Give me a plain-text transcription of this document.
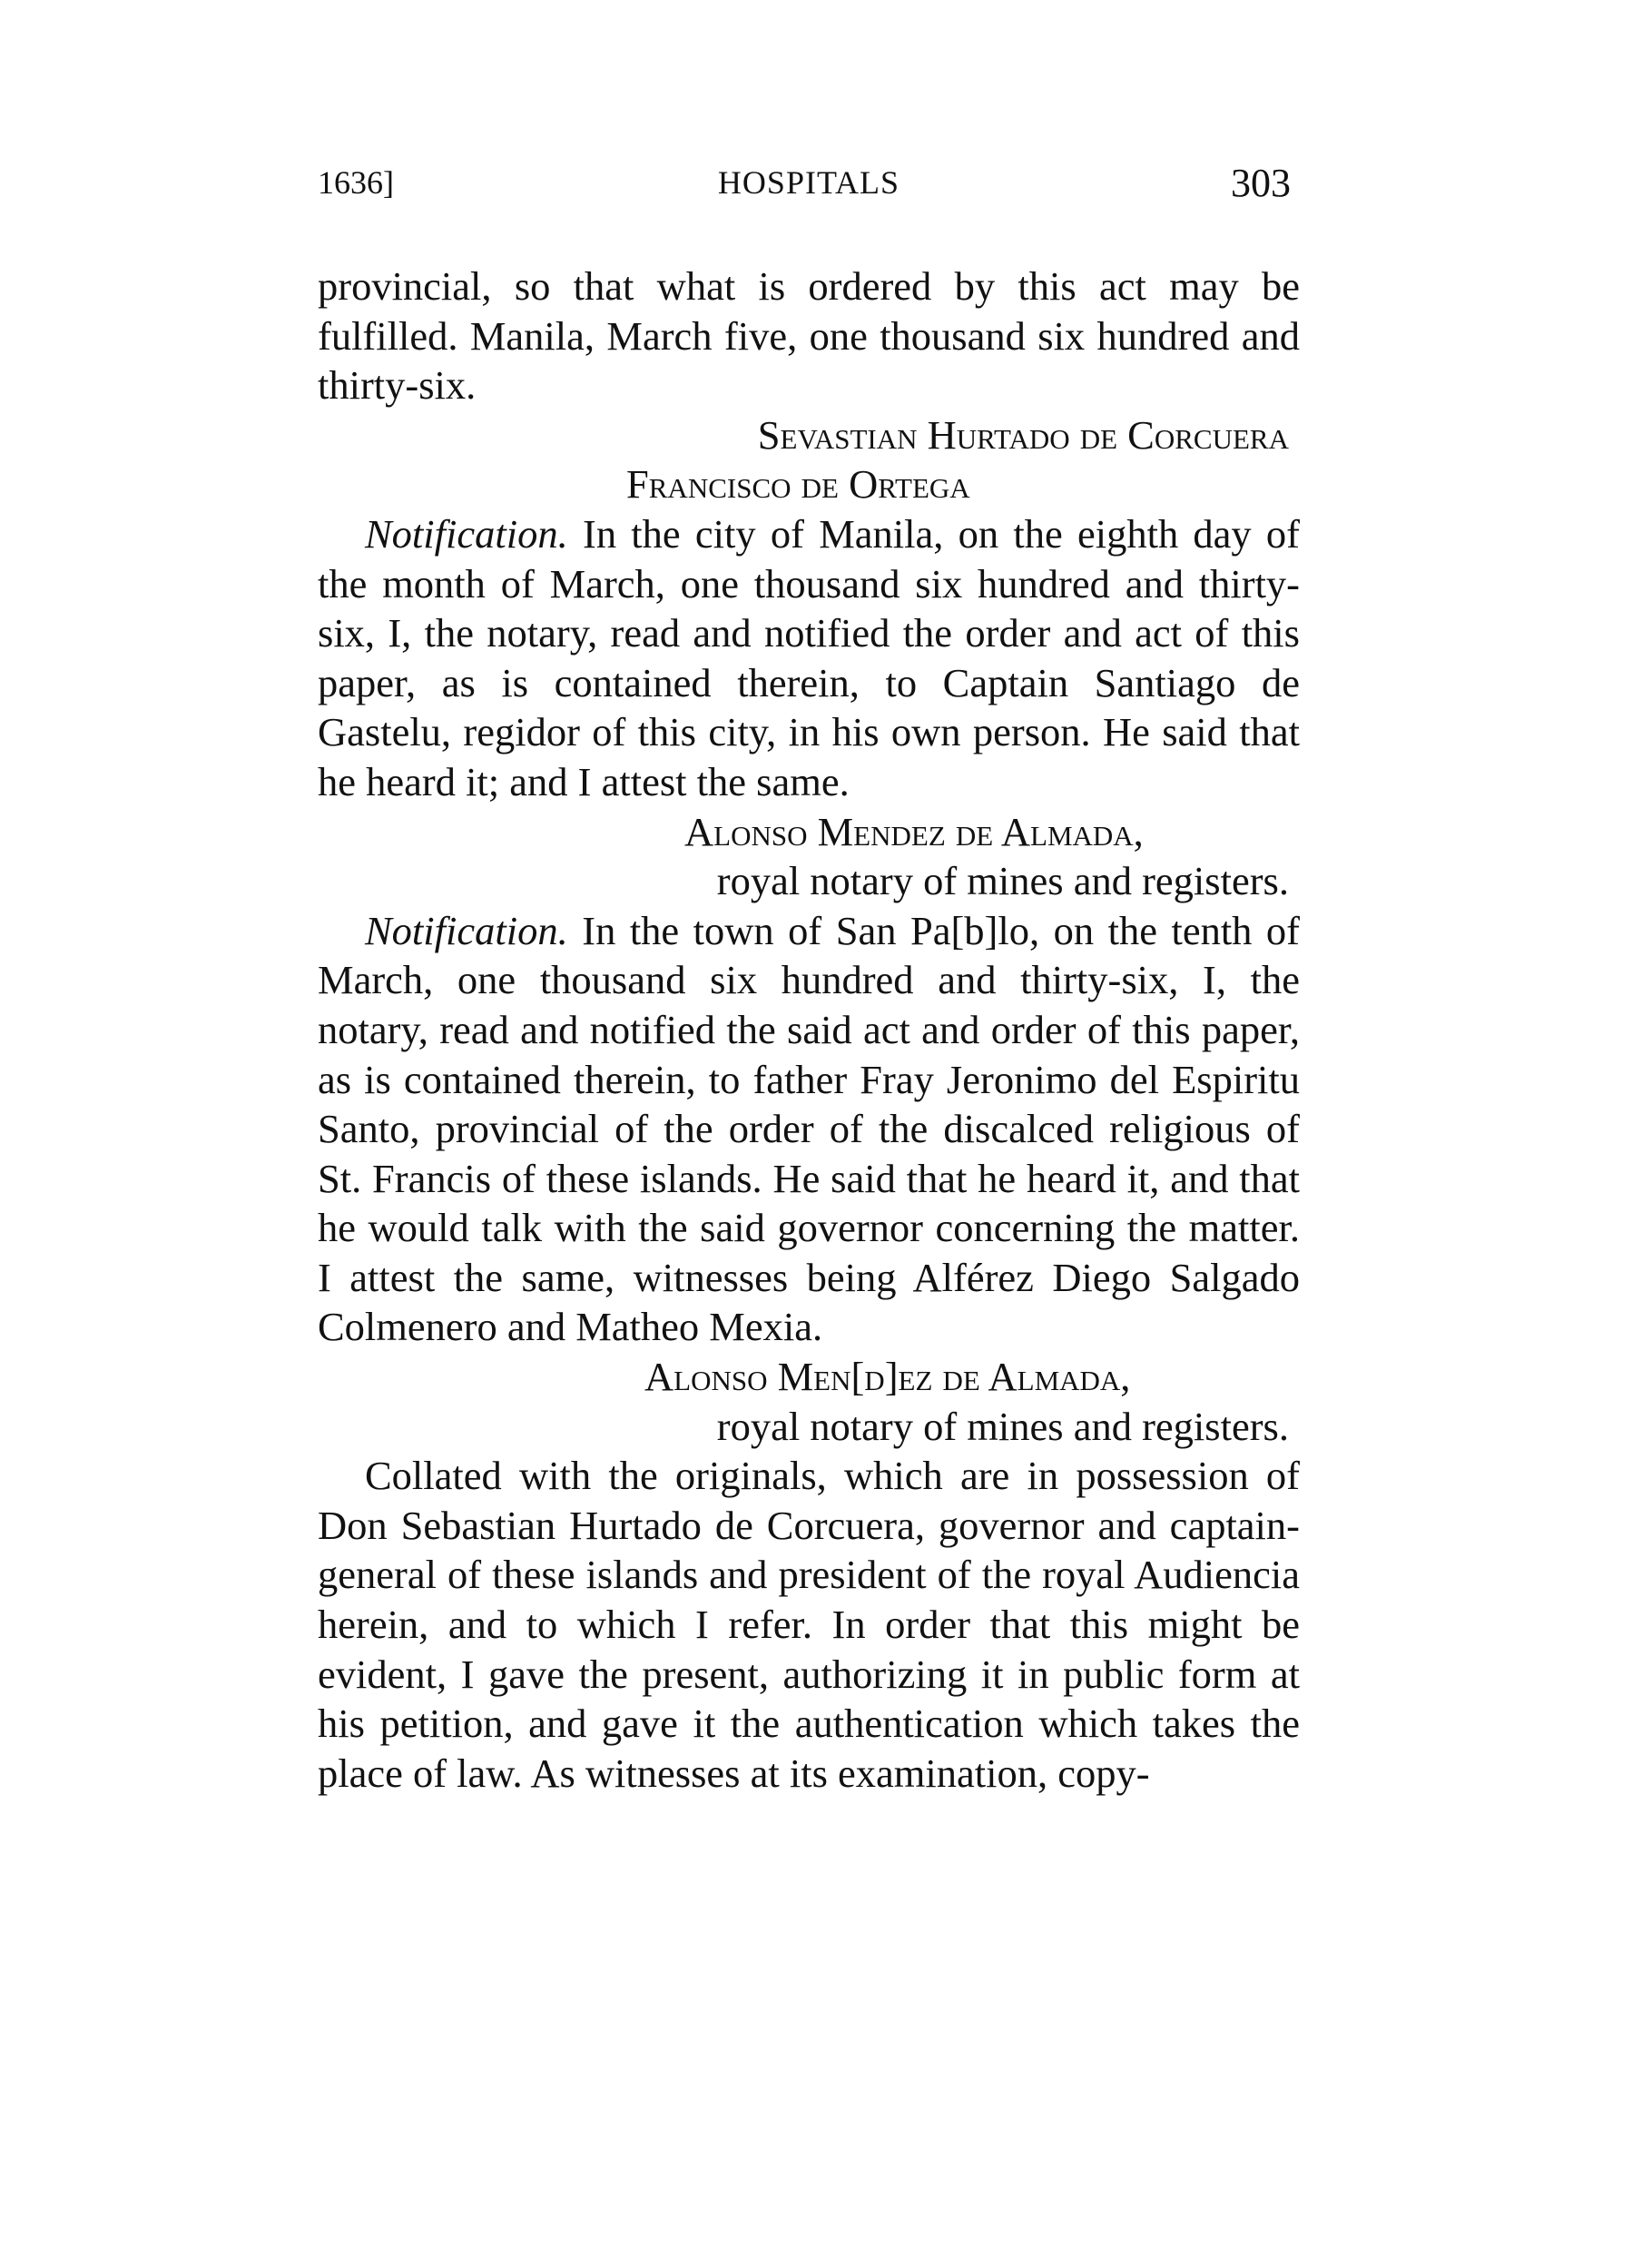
1636]	HOSPITALS	303

provincial, so that what is ordered by this act may be fulfilled. Manila, March five, one thousand six hundred and thirty-six.

Sevastian Hurtado de Corcuera

Francisco de Ortega

Notification. In the city of Manila, on the eighth day of the month of March, one thousand six hundred and thirty-six, I, the notary, read and notified the order and act of this paper, as is contained therein, to Captain Santiago de Gastelu, regidor of this city, in his own person. He said that he heard it; and I attest the same.

Alonso Mendez de Almada,

royal notary of mines and registers.

Notification. In the town of San Pa[b]lo, on the tenth of March, one thousand six hundred and thirty-six, I, the notary, read and notified the said act and order of this paper, as is contained therein, to father Fray Jeronimo del Espiritu Santo, provincial of the order of the discalced religious of St. Francis of these islands. He said that he heard it, and that he would talk with the said governor concerning the matter. I attest the same, witnesses being Alférez Diego Salgado Colmenero and Matheo Mexia.

Alonso Men[d]ez de Almada,

royal notary of mines and registers.

Collated with the originals, which are in possession of Don Sebastian Hurtado de Corcuera, governor and captain-general of these islands and president of the royal Audiencia herein, and to which I refer. In order that this might be evident, I gave the present, authorizing it in public form at his petition, and gave it the authentication which takes the place of law. As witnesses at its examination, copy-
